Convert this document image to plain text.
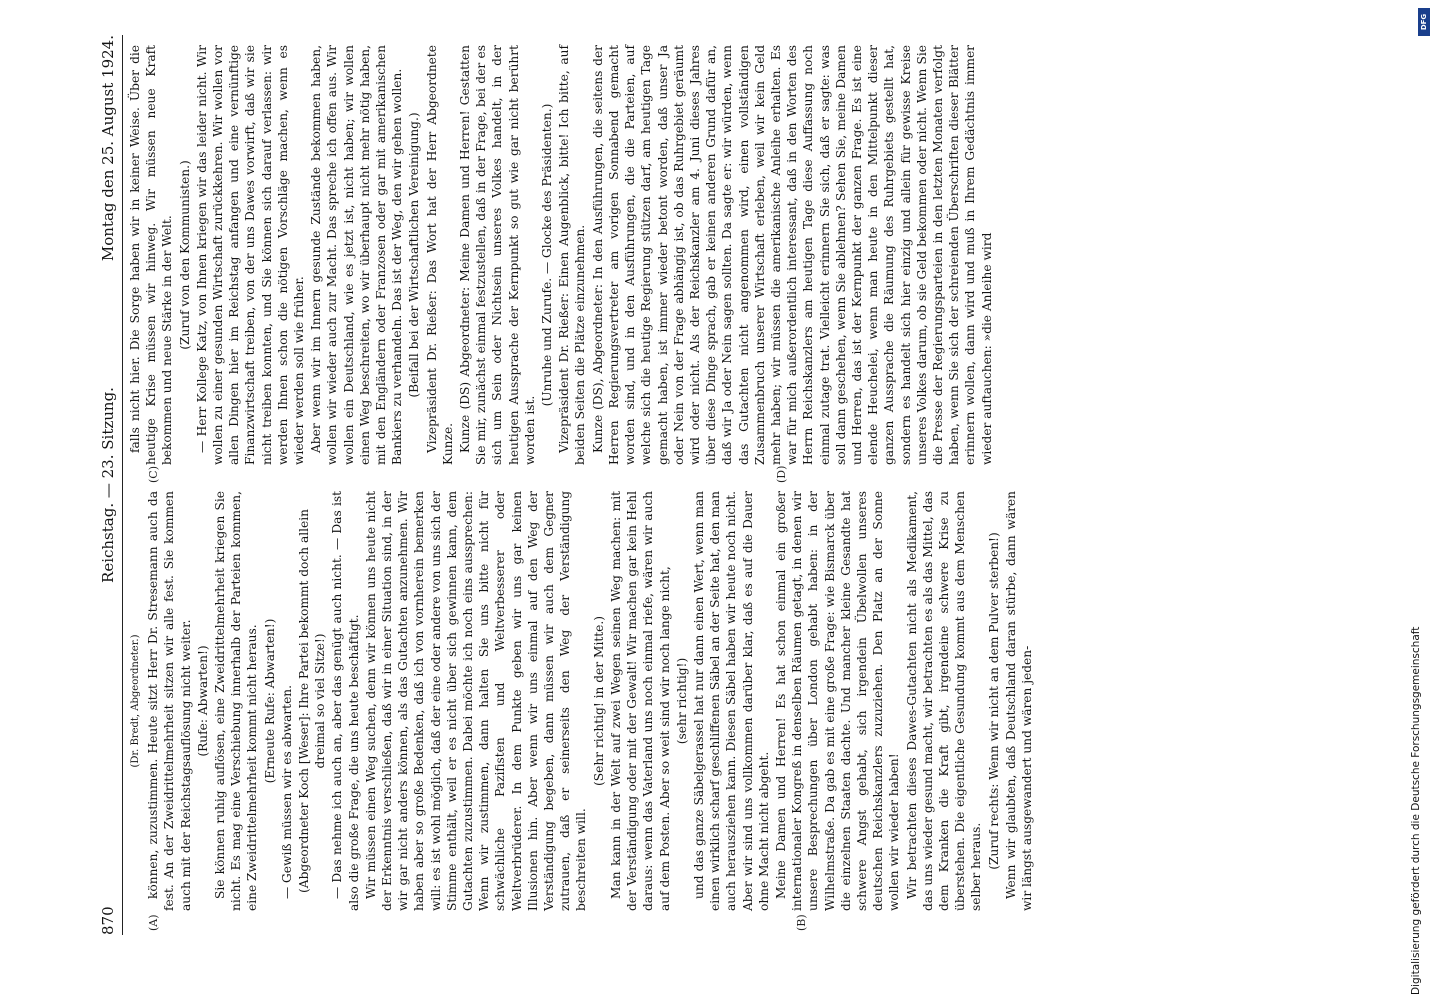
870
Reichstag. — 23. Sitzung.
Montag den 25. August 1924.
(A)	(B)
(C)	(D)

(Dr. Bredt, Abgeordneter.) können, zuzustimmen. Heute sitzt Herr Dr. Stresemann auch da fest. An der Zweidrittelmehrheit sitzen wir alle fest. Sie kommen auch mit der Reichstagsauflösung nicht weiter. (Rufe: Abwarten!) Sie können ruhig auflösen, eine Zweidrittelmehrheit kriegen Sie nicht. Es mag eine Verschiebung innerhalb der Parteien kommen, eine Zweidrittelmehrheit kommt nicht heraus. (Erneute Rufe: Abwarten!) — Gewiß müssen wir es abwarten. (Abgeordneter Koch [Weser]: Ihre Partei bekommt doch allein dreimal so viel Sitze!) — Das nehme ich auch an, aber das genügt auch nicht. — Das ist also die große Frage, die uns heute beschäftigt. Wir müssen einen Weg suchen, denn wir können uns heute nicht der Erkenntnis verschließen, daß wir in einer Situation sind, in der wir gar nicht anders können, als das Gutachten anzunehmen. Wir haben aber so große Bedenken, daß ich von vornherein bemerken will: es ist wohl möglich, daß der eine oder andere von uns sich der Stimme enthält, weil er es nicht über sich gewinnen kann, dem Gutachten zuzustimmen. Dabei möchte ich noch eins aussprechen: Wenn wir zustimmen, dann halten Sie uns bitte nicht für schwächliche Pazifisten und Weltverbesserer oder Weltverbrüderer. In dem Punkte geben wir uns gar keinen Illusionen hin. Aber wenn wir uns einmal auf den Weg der Verständigung begeben, dann müssen wir auch dem Gegner zutrauen, daß er seinerseits den Weg der Verständigung beschreiten will.

(Sehr richtig! in der Mitte.) Man kann in der Welt auf zwei Wegen seinen Weg machen: mit der Verständigung oder mit der Gewalt! Wir machen gar kein Hehl daraus: wenn das Vaterland uns noch einmal riefe, wären wir auch auf dem Posten. Aber so weit sind wir noch lange nicht, (sehr richtig!) und das ganze Säbelgerassel hat nur dann einen Wert, wenn man einen wirklich scharf geschliffenen Säbel an der Seite hat, den man auch herausziehen kann. Diesen Säbel haben wir heute noch nicht. Aber wir sind uns vollkommen darüber klar, daß es auf die Dauer ohne Macht nicht abgeht. Meine Damen und Herren! Es hat schon einmal ein großer internationaler Kongreß in denselben Räumen getagt, in denen wir unsere Besprechungen über London gehabt haben: in der Wilhelmstraße. Da gab es mit eine große Frage: wie Bismarck über die einzelnen Staaten dachte. Und mancher kleine Gesandte hat schwere Angst gehabt, sich irgendein Übelwollen unseres deutschen Reichskanzlers zuzuziehen. Den Platz an der Sonne wollen wir wieder haben! Wir betrachten dieses Dawes-Gutachten nicht als Medikament, das uns wieder gesund macht, wir betrachten es als das Mittel, das dem Kranken die Kraft gibt, irgendeine schwere Krise zu überstehen. Die eigentliche Gesundung kommt aus dem Menschen selber heraus. (Zuruf rechts: Wenn wir nicht an dem Pulver sterben!) Wenn wir glaubten, daß Deutschland daran stürbe, dann wären wir längst ausgewandert und wären jeden-

falls nicht hier. Die Sorge haben wir in keiner Weise. Über die heutige Krise müssen wir hinweg. Wir müssen neue Kraft bekommen und neue Stärke in der Welt. (Zuruf von den Kommunisten.) — Herr Kollege Katz, von Ihnen kriegen wir das leider nicht. Wir wollen zu einer gesunden Wirtschaft zurückkehren. Wir wollen vor allen Dingen hier im Reichstag anfangen und eine vernünftige Finanzwirtschaft treiben, von der uns Dawes vorwirft, daß wir sie nicht treiben konnten, und Sie können sich darauf verlassen: wir werden Ihnen schon die nötigen Vorschläge machen, wenn es wieder werden soll wie früher. Aber wenn wir im Innern gesunde Zustände bekommen haben, wollen wir wieder auch zur Macht. Das spreche ich offen aus. Wir wollen ein Deutschland, wie es jetzt ist, nicht haben; wir wollen einen Weg beschreiten, wo wir überhaupt nicht mehr nötig haben, mit den Engländern oder Franzosen oder gar mit amerikanischen Bankiers zu verhandeln. Das ist der Weg, den wir gehen wollen. (Beifall bei der Wirtschaftlichen Vereinigung.) Vizepräsident Dr. Rießer: Das Wort hat der Herr Abgeordnete Kunze. Kunze (DS) Abgeordneter: Meine Damen und Herren! Gestatten Sie mir, zunächst einmal festzustellen, daß in der Frage, bei der es sich um Sein oder Nichtsein unseres Volkes handelt, in der heutigen Aussprache der Kernpunkt so gut wie gar nicht berührt worden ist.

(Unruhe und Zurufe. — Glocke des Präsidenten.) Vizepräsident Dr. Rießer: Einen Augenblick, bitte! Ich bitte, auf beiden Seiten die Plätze einzunehmen. Kunze (DS), Abgeordneter: In den Ausführungen, die seitens der Herren Regierungsvertreter am vorigen Sonnabend gemacht worden sind, und in den Ausführungen, die die Parteien, auf welche sich die heutige Regierung stützen darf, am heutigen Tage gemacht haben, ist immer wieder betont worden, daß unser Ja oder Nein von der Frage abhängig ist, ob das Ruhrgebiet geräumt wird oder nicht. Als der Reichskanzler am 4. Juni dieses Jahres über diese Dinge sprach, gab er keinen anderen Grund dafür an, daß wir Ja oder Nein sagen sollten. Da sagte er: wir würden, wenn das Gutachten nicht angenommen wird, einen vollständigen Zusammenbruch unserer Wirtschaft erleben, weil wir kein Geld mehr haben; wir müssen die amerikanische Anleihe erhalten. Es war für mich außerordentlich interessant, daß in den Worten des Herrn Reichskanzlers am heutigen Tage diese Auffassung noch einmal zutage trat. Vielleicht erinnern Sie sich, daß er sagte: was soll dann geschehen, wenn Sie ablehnen? Sehen Sie, meine Damen und Herren, das ist der Kernpunkt der ganzen Frage. Es ist eine elende Heuchelei, wenn man heute in den Mittelpunkt dieser ganzen Aussprache die Räumung des Ruhrgebiets gestellt hat, sondern es handelt sich hier einzig und allein für gewisse Kreise unseres Volkes darum, ob sie Geld bekommen oder nicht. Wenn Sie die Presse der Regierungsparteien in den letzten Monaten verfolgt haben, wenn Sie sich der schreienden Überschriften dieser Blätter erinnern wollen, dann wird und muß in Ihrem Gedächtnis immer wieder auftauchen: »die Anleihe wird

Digitalisierung gefördert durch die Deutsche Forschungsgemeinschaft
DFG
